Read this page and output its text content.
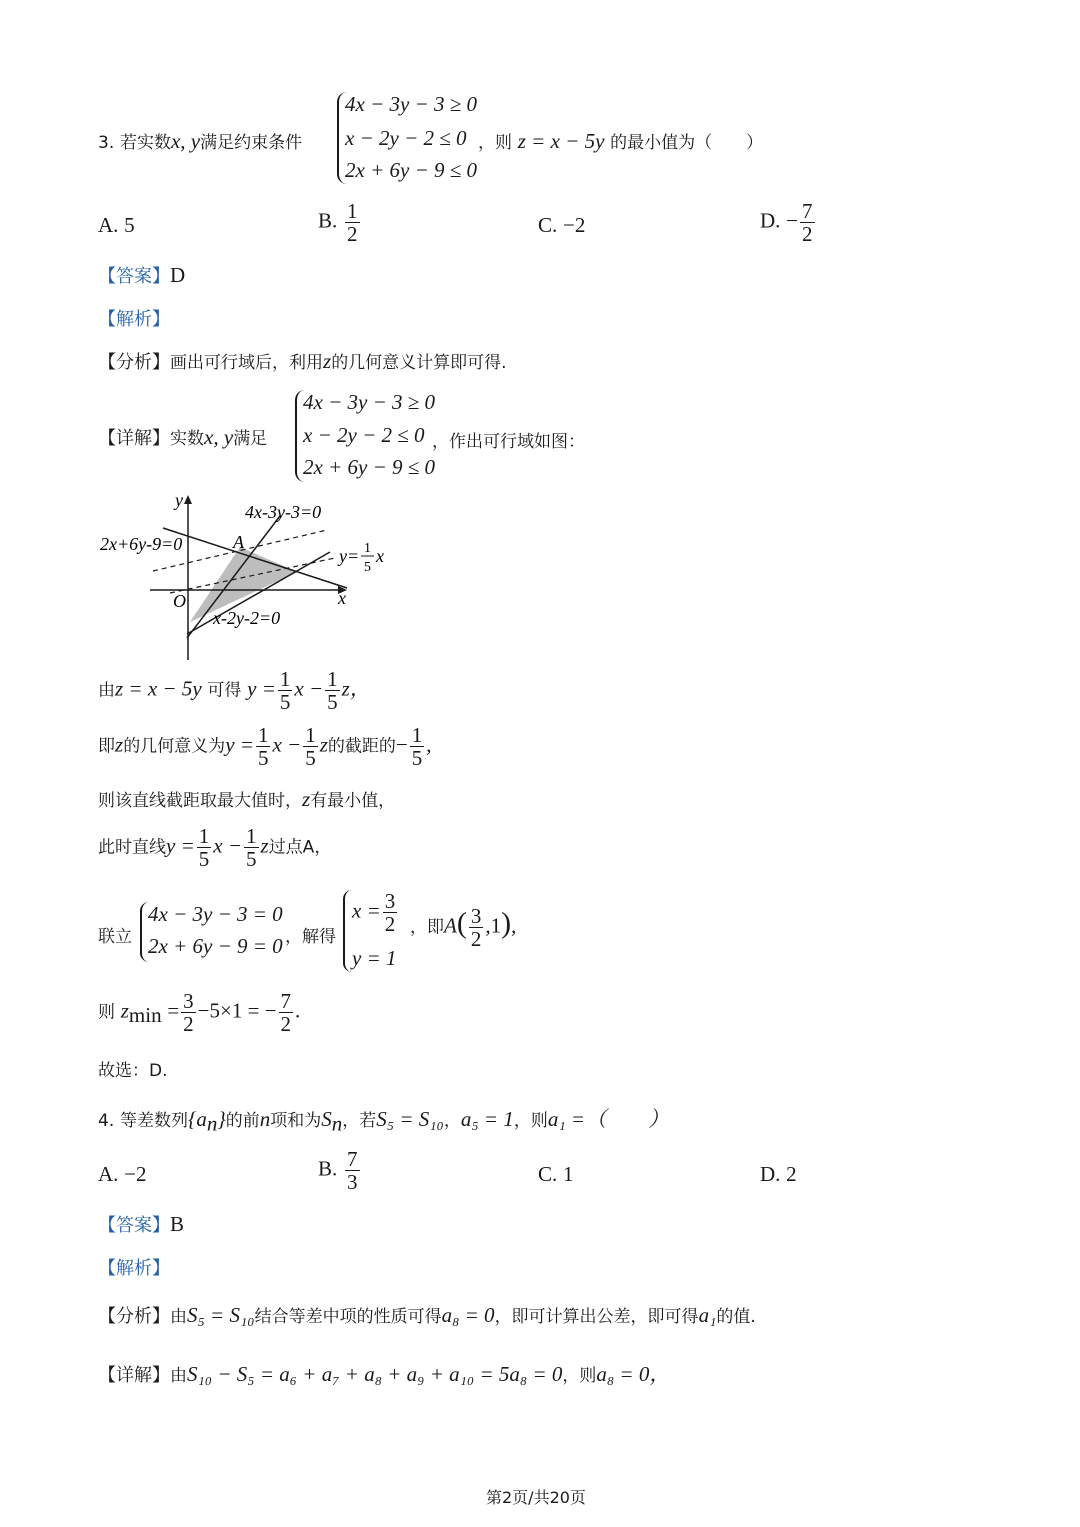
3. 若实数x, y满足约束条件
4x − 3y − 3 ≥ 0
x − 2y − 2 ≤ 0
2x + 6y − 9 ≤ 0
，则 z = x − 5y 的最小值为（　　）
A. 5	B. $\frac{1}{2}$	C. −2	D. − $\frac{7}{2}$
【答案】D
【解析】
【分析】画出可行域后，利用z的几何意义计算即可得.
【详解】实数x, y满足
4x − 3y − 3 ≥ 0
x − 2y − 2 ≤ 0
2x + 6y − 9 ≤ 0
，作出可行域如图：
y
x
O
A
4x-3y-3=0
2x+6y-9=0
x-2y-2=0
y= 1
5
x
由z = x − 5y 可得 $y = \frac{1}{5}$ $x - \frac{1}{5}$ z，
即z的几何意义为$y = \frac{1}{5}$ $x - \frac{1}{5}$ z的截距的− $\frac{1}{5}$ ,
则该直线截距取最大值时，z有最小值，
此时直线$y = \frac{1}{5}$ $x - \frac{1}{5}$ z过点A，
联立
4x − 3y − 3 = 0
2x + 6y − 9 = 0 ，解得
$x = \frac{3}{2}$
y = 1
，即$A( \frac{3}{2} ,1)$,
则 $z_{min} = \frac{3}{2} -5\times 1$ = − $\frac{7}{2}$ .
故选：D.
4. 等差数列$\{a_n\}$的前n项和为$S_n$，若S₅ = S₁₀，a₅ = 1，则a₁ =（　　）
A. −2	B. $\frac{7}{3}$	C. 1	D. 2
【答案】B
【解析】
【分析】由S₅ = S₁₀结合等差中项的性质可得a₈ = 0，即可计算出公差，即可得a₁的值.
【详解】由S₁₀ − S₅ = a₆ + a₇ + a₈ + a₉ + a₁₀ = 5a₈ = 0，则a₈ = 0，
第2页/共20页
